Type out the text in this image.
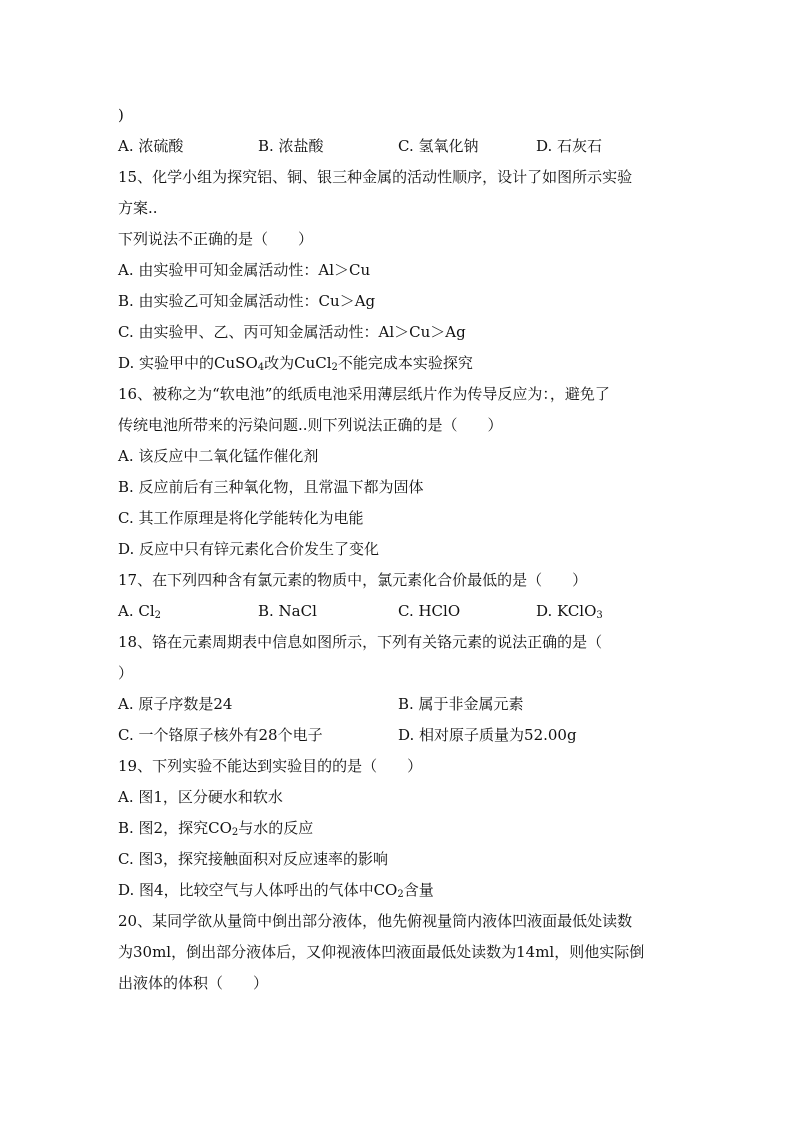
)
A. 浓硫酸	B. 浓盐酸	C. 氢氧化钠	D. 石灰石
15、化学小组为探究铝、铜、银三种金属的活动性顺序，设计了如图所示实验
方案..
下列说法不正确的是（　　）
A. 由实验甲可知金属活动性：Al＞Cu
B. 由实验乙可知金属活动性：Cu＞Ag
C. 由实验甲、乙、丙可知金属活动性：Al＞Cu＞Ag
D. 实验甲中的CuSO$_4$改为CuCl$_2$不能完成本实验探究
16、被称之为“软电池”的纸质电池采用薄层纸片作为传导反应为：，避免了
传统电池所带来的污染问题..则下列说法正确的是（　　）
A. 该反应中二氧化锰作催化剂
B. 反应前后有三种氧化物，且常温下都为固体
C. 其工作原理是将化学能转化为电能
D. 反应中只有锌元素化合价发生了变化
17、在下列四种含有氯元素的物质中，氯元素化合价最低的是（　　）
A. $Cl_2$	B. NaCl	C. HClO	D. KClO$_3$
18、铬在元素周期表中信息如图所示，下列有关铬元素的说法正确的是（
）
A. 原子序数是24	B. 属于非金属元素
C. 一个铬原子核外有28个电子	D. 相对原子质量为52.00g
19、下列实验不能达到实验目的的是（　　）
A. 图1，区分硬水和软水
B. 图2，探究$CO_2$与水的反应
C. 图3，探究接触面积对反应速率的影响
D. 图4，比较空气与人体呼出的气体中$CO_2$含量
20、某同学欲从量筒中倒出部分液体，他先俯视量筒内液体凹液面最低处读数
为30ml，倒出部分液体后，又仰视液体凹液面最低处读数为14ml，则他实际倒
出液体的体积（　　）
